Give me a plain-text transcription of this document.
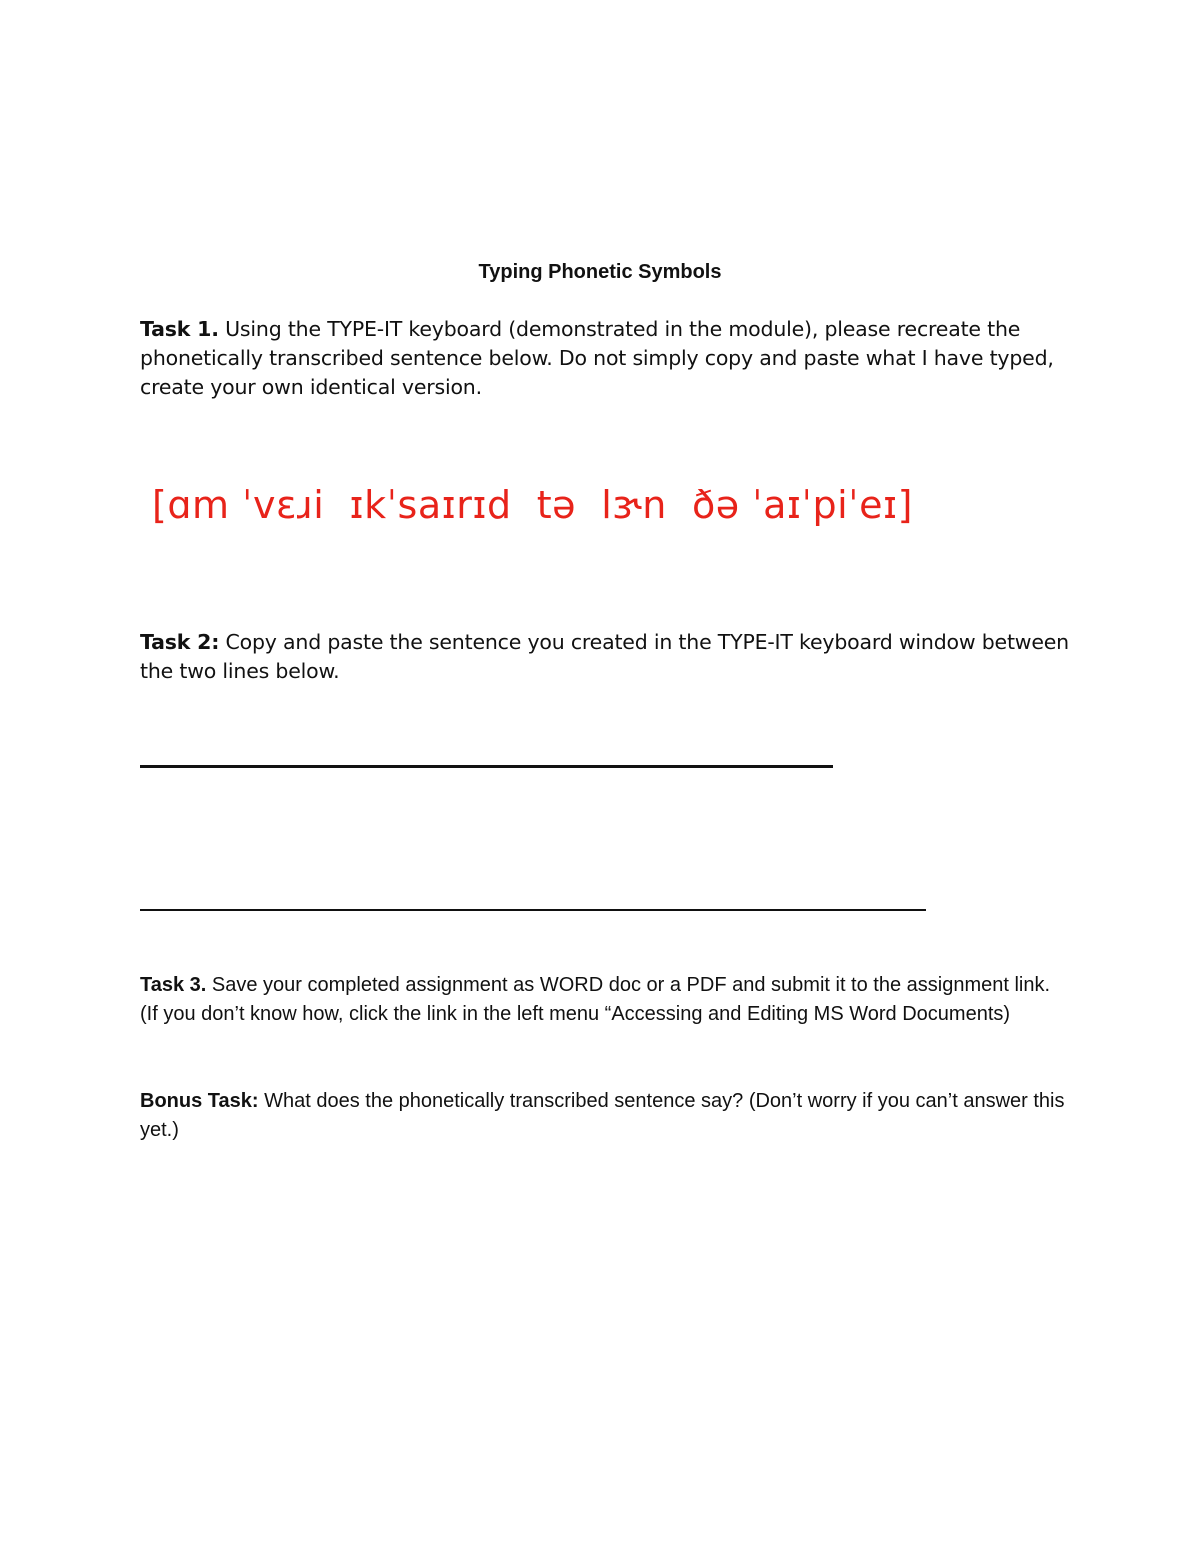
Typing Phonetic Symbols
Task 1. Using the TYPE-IT keyboard (demonstrated in the module), please recreate the phonetically transcribed sentence below. Do not simply copy and paste what I have typed, create your own identical version.
[ɑm ˈvɛɹi  ɪkˈsaɪrɪd  tə  lɝn  ðə ˈaɪˈpiˈeɪ]
Task 2: Copy and paste the sentence you created in the TYPE-IT keyboard window between the two lines below.
Task 3. Save your completed assignment as WORD doc or a PDF and submit it to the assignment link. (If you don’t know how, click the link in the left menu “Accessing and Editing MS Word Documents)
Bonus Task: What does the phonetically transcribed sentence say? (Don’t worry if you can’t answer this yet.)
